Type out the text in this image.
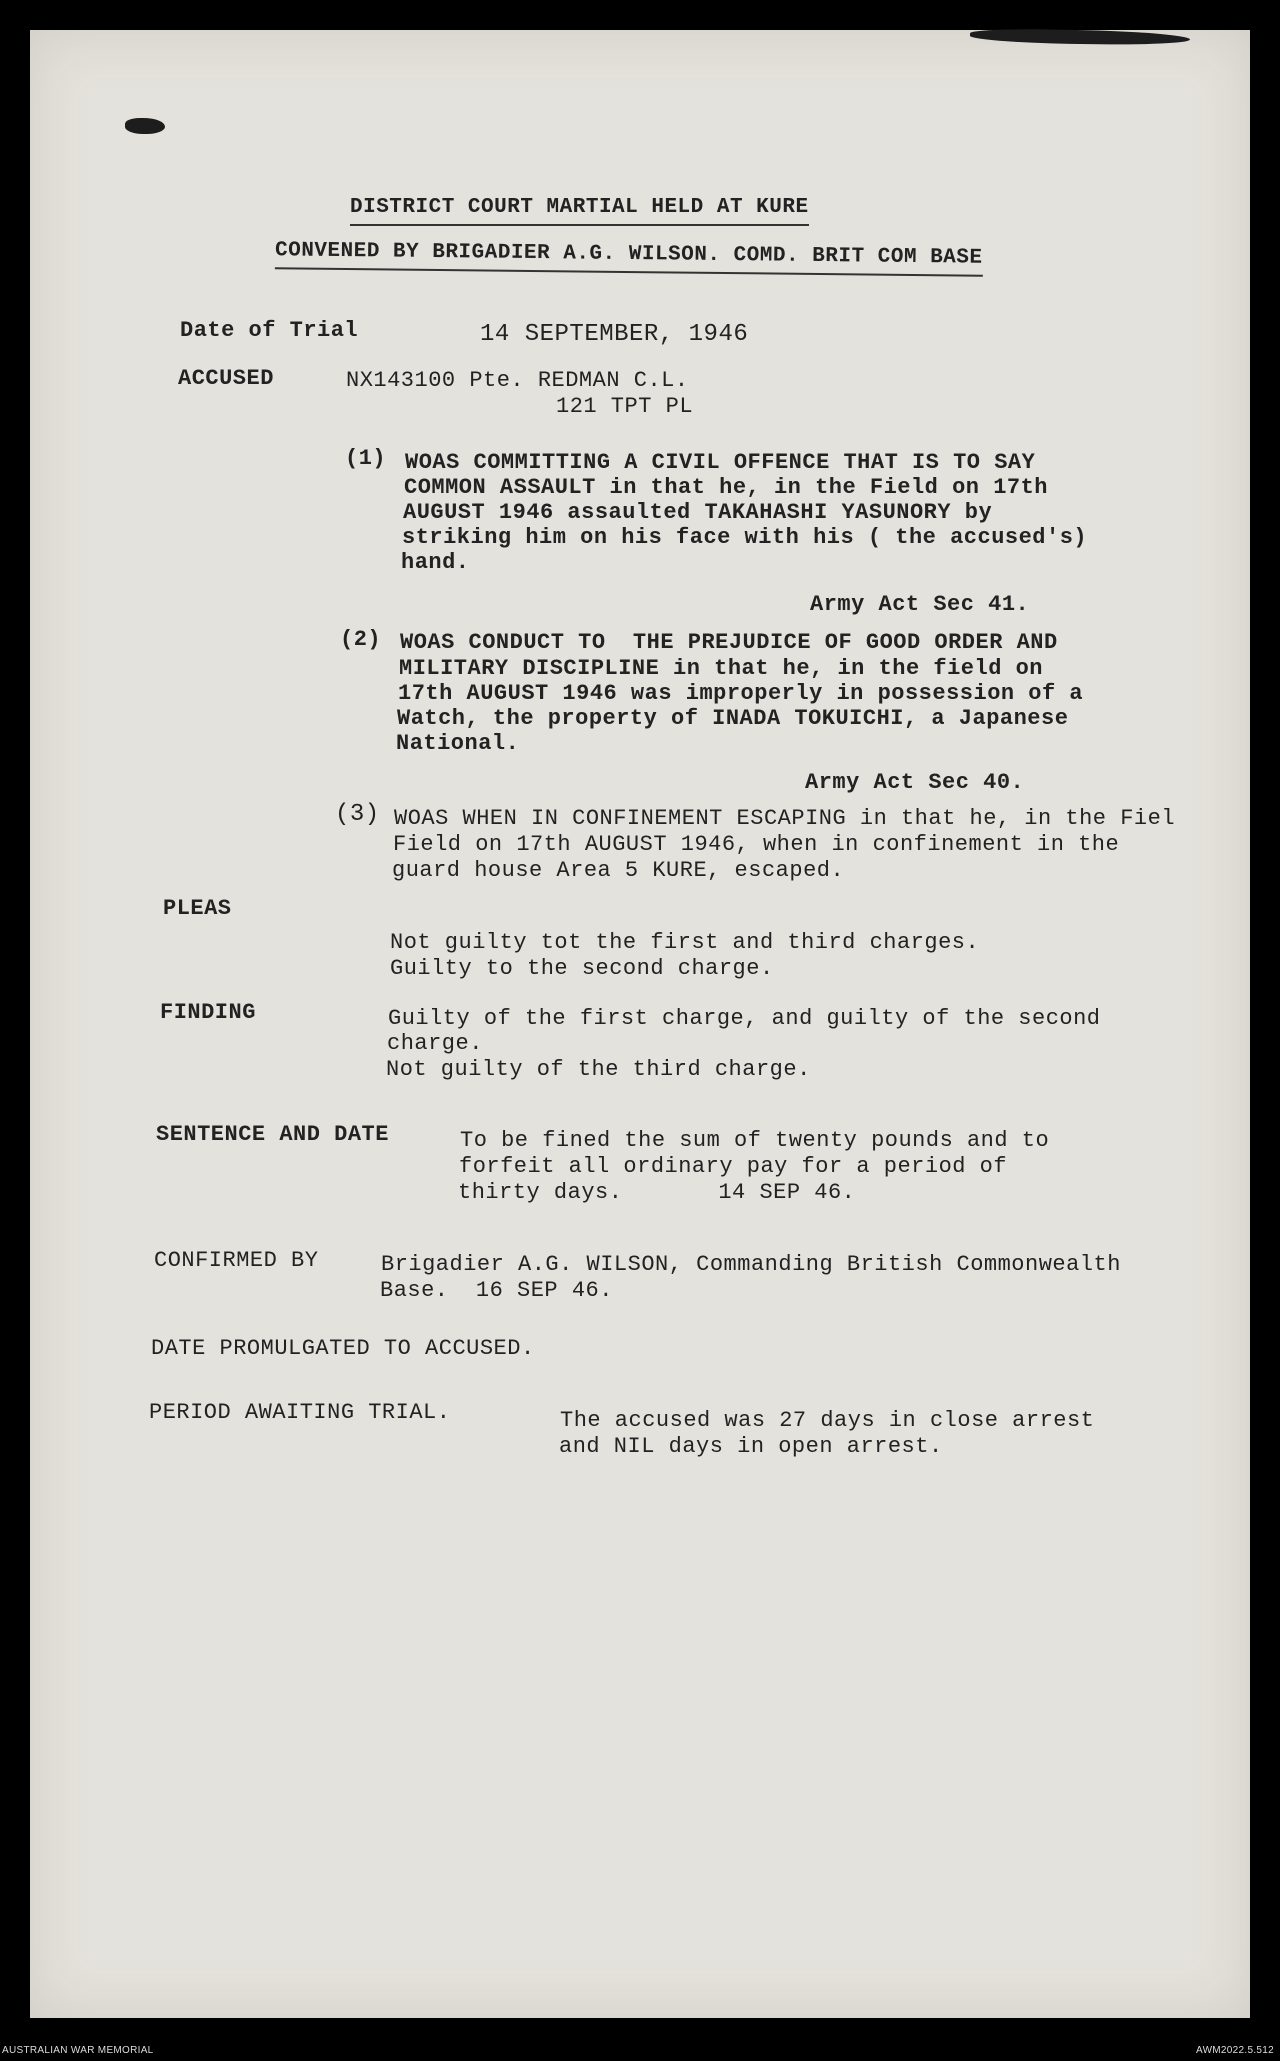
DISTRICT COURT MARTIAL HELD AT KURE
CONVENED BY BRIGADIER A.G. WILSON. COMD. BRIT COM BASE
Date of Trial	14 SEPTEMBER, 1946
ACCUSED	NX143100 Pte. REDMAN C.L.
121 TPT PL
(1) WOAS COMMITTING A CIVIL OFFENCE THAT IS TO SAY
COMMON ASSAULT in that he, in the Field on 17th
AUGUST 1946 assaulted TAKAHASHI YASUNORY by
striking him on his face with his ( the accused's)
hand.
Army Act Sec 41.
(2) WOAS CONDUCT TO  THE PREJUDICE OF GOOD ORDER AND
MILITARY DISCIPLINE in that he, in the field on
17th AUGUST 1946 was improperly in possession of a
Watch, the property of INADA TOKUICHI, a Japanese
National.
Army Act Sec 40.
(3) WOAS WHEN IN CONFINEMENT ESCAPING in that he, in the Fiel
Field on 17th AUGUST 1946, when in confinement in the
guard house Area 5 KURE, escaped.
PLEAS
Not guilty tot the first and third charges.
Guilty to the second charge.
FINDING	Guilty of the first charge, and guilty of the second
charge.
Not guilty of the third charge.
SENTENCE AND DATE	To be fined the sum of twenty pounds and to
forfeit all ordinary pay for a period of
thirty days.       14 SEP 46.
CONFIRMED BY	Brigadier A.G. WILSON, Commanding British Commonwealth
Base.  16 SEP 46.
DATE PROMULGATED TO ACCUSED.
PERIOD AWAITING TRIAL.	The accused was 27 days in close arrest
and NIL days in open arrest.
AUSTRALIAN WAR MEMORIAL	AWM2022.5.512
